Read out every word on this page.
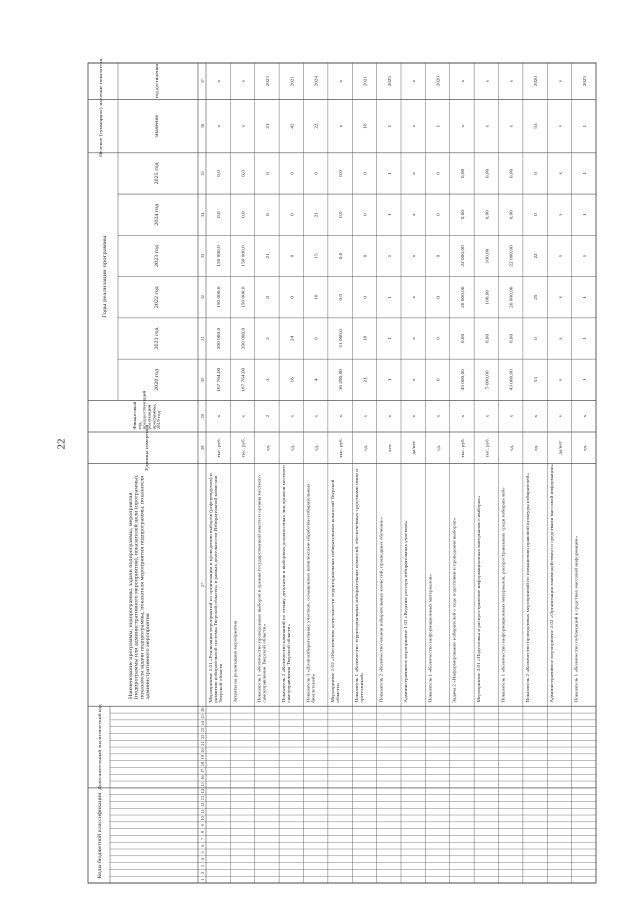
22
Коды бюджетной классификации
Дополнительный аналитический код
Наименование программы, подпрограммы, задачи подпрограммы, мероприятия(подпрограммы или административного мероприятия), показателей цели (программы),показателя задачи подпрограммы, показателя мероприятия подпрограммы, показателяадминистративного мероприятия
Единица измерения
Финансовыйгод,предшествующийреализациипрограммы,2019 год
Годы реализации программы
2020 год
2021 год
2022 год
2023 год
2024 год
2025 год
Целевое (суммарное) значение показателя	значение
год достижения
1
2
3
4
5
6
7
8
9
10
11
12
13
14
15
16
17
18
19
20
21
22
23
24
25
26
27
28
29
30
31
32
33
34
35
36
37
Мероприятие 1.01 «Реализация мероприятий по организации и проведению выборов (референдумов) иразвитию избирательной системы Тверской области» в рамках деятельности Избирательной комиссииТверской области
тыс. руб.
х
167 764,00
200 000,0
150 000,0
150 000,0
0,0
0,0
х
х
Затраты на реализацию мероприятия
тыс. руб.
х
167 764,00
200 000,0
150 000,0
150 000,0
0,0
0,0
х
х
Показатель 1 «Количество проведенных выборов в органы государственной власти и органы местногосамоуправления Тверской области»
ед.
2
3
2
0
21
0
0
21
2023
Показатель 2 «Количество кампаний по отзыву депутатов и выборных должностных лиц органов местногосамоуправления Тверской области»
ед.
х
16
24
0
0
0
0
42
2021
Показатель 3 «Доля избирательных участков, оснащенных комплексами обработки избирательныхбюллетеней»
ед.
х
4
0
10
15
21
0
22
2024
Мероприятие 1.02 «Обеспечение деятельности территориальных избирательных комиссий Тверскойобласти»
тыс. руб.
х
36 290,80
31 060,0
0,0
0,0
0,0
0,0
х
х
Показатель 1 «Количество территориальных избирательных комиссий, обеспеченных средствами связи иоргтехникой»
ед.
х
21
18
0
0
0
0
18
2021
Показатель 2 «Количество членов избирательных комиссий, прошедших обучение»
чел.
х
1
1
1
1
1
1
1
2025
Административное мероприятие 1.03 «Ведение реестра избирательных участков»
да/нет
х
х
х
х
х
х
х
х
х
Показатель 1 «Количество информационных материалов»
ед.
х
0
0
0
0
0
0
1
2020
Задача 2 «Информирование избирателей о ходе подготовки и проведения выборов»
тыс. руб.
х
45 000,00
0,00
20 000,00
22 000,00
0,00
0,00
х
х
Мероприятие 2.01 «Подготовка и распространение информационных материалов о выборах»
тыс. руб.
х
5 000,00
0,00
100,00
100,00
0,00
0,00
х
х
Показатель 1 «Количество информационных материалов, распространенных среди избирателей»
ед.
х
43 000,00
0,00
20 000,00
22 000,00
0,00
0,00
х
х
Показатель 2 «Количество проведенных мероприятий по повышению правовой культуры избирателей»
ед.
х
53
0
25
22
0
0
53
2020
Административное мероприятие 2.02 «Организация взаимодействия со средствами массовой информации»
да/нет
х
х
х
х
х
х
х
х
х
Показатель 1 «Количество публикаций в средствах массовой информации»
ед.
х
1
1
1
1
1
1
1
2025
